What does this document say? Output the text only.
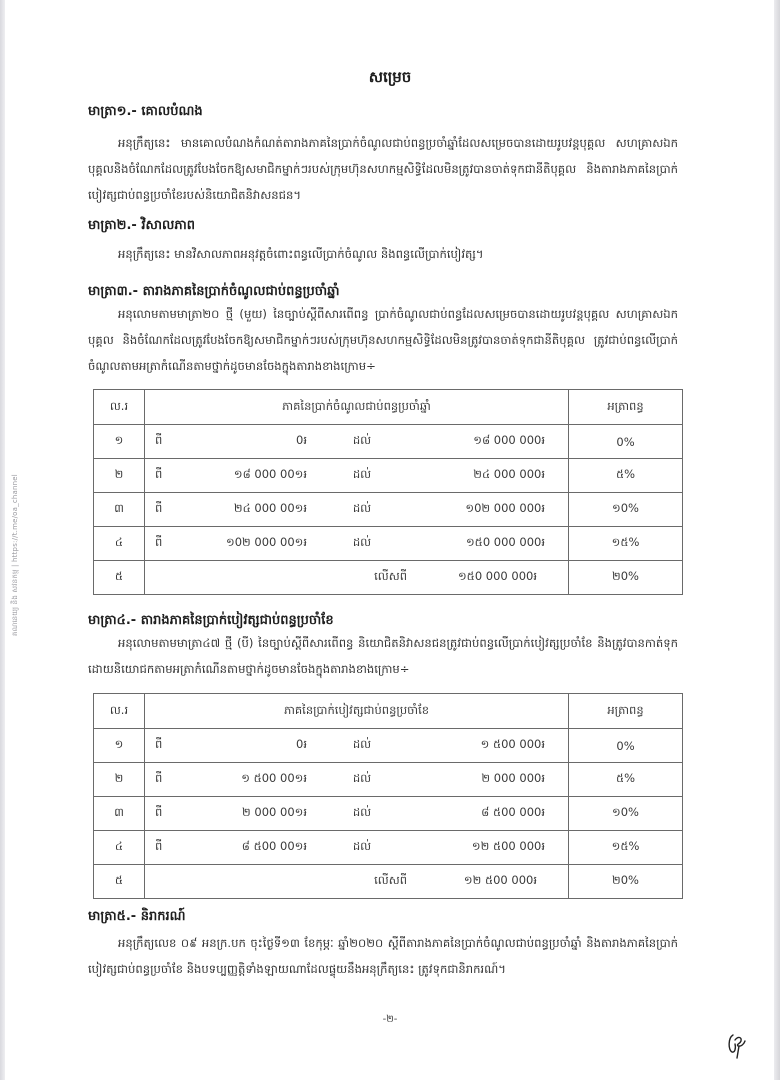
គណនេយ្យ និង សវនកម្ម | https://t.me/oa_channel
សម្រេច
មាត្រា១.- គោលបំណង
អនុក្រឹត្យនេះ មានគោលបំណងកំណត់តារាងភាគនៃប្រាក់ចំណូលជាប់ពន្ធប្រចាំឆ្នាំដែលសម្រេចបានដោយរូបវន្តបុគ្គល សហគ្រាសឯកបុគ្គលនិងចំណែកដែលត្រូវបែងចែកឱ្យសមាជិកម្នាក់ៗរបស់ក្រុមហ៊ុនសហកម្មសិទ្ធិដែលមិនត្រូវបានចាត់ទុកជានីតិបុគ្គល និងតារាងភាគនៃប្រាក់បៀវត្សជាប់ពន្ធប្រចាំខែរបស់និយោជិតនិវាសនជន។
មាត្រា២.- វិសាលភាព
អនុក្រឹត្យនេះ មានវិសាលភាពអនុវត្តចំពោះពន្ធលើប្រាក់ចំណូល និងពន្ធលើប្រាក់បៀវត្ស។
មាត្រា៣.- តារាងភាគនៃប្រាក់ចំណូលជាប់ពន្ធប្រចាំឆ្នាំ
អនុលោមតាមមាត្រា២០ ថ្មី (មួយ) នៃច្បាប់ស្តីពីសារពើពន្ធ ប្រាក់ចំណូលជាប់ពន្ធដែលសម្រេចបានដោយរូបវន្តបុគ្គល សហគ្រាសឯកបុគ្គល និងចំណែកដែលត្រូវបែងចែកឱ្យសមាជិកម្នាក់ៗរបស់ក្រុមហ៊ុនសហកម្មសិទ្ធិដែលមិនត្រូវបានចាត់ទុកជានីតិបុគ្គល ត្រូវជាប់ពន្ធលើប្រាក់ចំណូលតាមអត្រាកំណើនតាមថ្នាក់ដូចមានចែងក្នុងតារាងខាងក្រោម÷
ល.រ	ភាគនៃប្រាក់ចំណូលជាប់ពន្ធប្រចាំឆ្នាំ	អត្រាពន្ធ
១	ពី 0៛ ដល់ ១៨ 000 000៛	0%
២	ពី ១៨ 000 00១៛ ដល់ ២៤ 000 000៛	៥%
៣	ពី ២៤ 000 00១៛ ដល់ ១0២ 000 000៛	១0%
៤	ពី ១0២ 000 00១៛ ដល់ ១៥0 000 000៛	១៥%
៥	លើសពី ១៥0 000 000៛	២0%
មាត្រា៤.- តារាងភាគនៃប្រាក់បៀវត្សជាប់ពន្ធប្រចាំខែ
អនុលោមតាមមាត្រា៤៧ ថ្មី (បី) នៃច្បាប់ស្តីពីសារពើពន្ធ និយោជិតនិវាសនជនត្រូវជាប់ពន្ធលើប្រាក់បៀវត្សប្រចាំខែ និងត្រូវបានកាត់ទុកដោយនិយោជកតាមអត្រាកំណើនតាមថ្នាក់ដូចមានចែងក្នុងតារាងខាងក្រោម÷
ល.រ	ភាគនៃប្រាក់បៀវត្សជាប់ពន្ធប្រចាំខែ	អត្រាពន្ធ
១	ពី 0៛ ដល់ ១ ៥00 000៛	0%
២	ពី ១ ៥00 00១៛ ដល់ ២ 000 000៛	៥%
៣	ពី ២ 000 00១៛ ដល់ ៨ ៥00 000៛	១0%
៤	ពី ៨ ៥00 00១៛ ដល់ ១២ ៥00 000៛	១៥%
៥	លើសពី ១២ ៥00 000៛	២0%
មាត្រា៥.- និរាករណ៍
អនុក្រឹត្យលេខ ០៩ អនក្រ.បក ចុះថ្ងៃទី១៣ ខែកុម្ភៈ ឆ្នាំ២០២០ ស្តីពីតារាងភាគនៃប្រាក់ចំណូលជាប់ពន្ធប្រចាំឆ្នាំ និងតារាងភាគនៃប្រាក់បៀវត្សជាប់ពន្ធប្រចាំខែ និងបទប្បញ្ញត្តិទាំងឡាយណាដែលផ្ទុយនឹងអនុក្រឹត្យនេះ ត្រូវទុកជានិរាករណ៍។
-២-
